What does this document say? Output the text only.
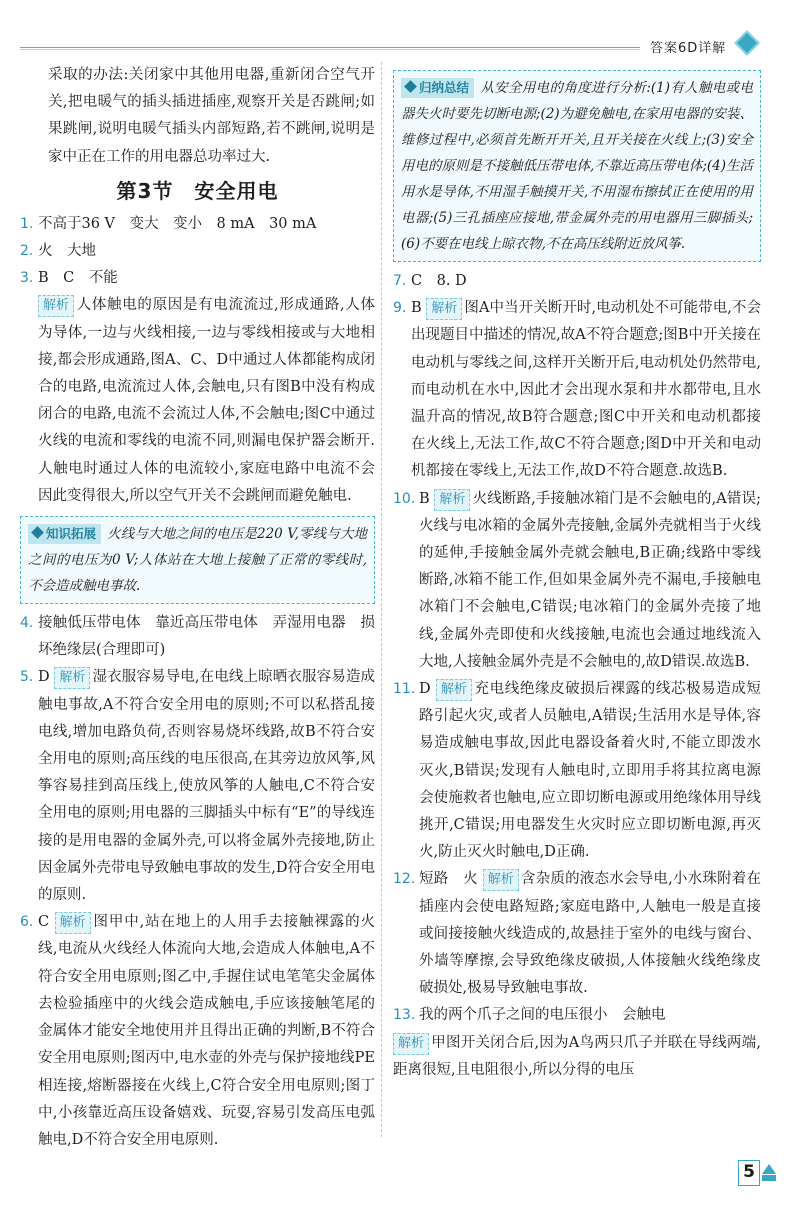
答案6D详解

采取的办法:关闭家中其他用电器,重新闭合空气开关,把电暖气的插头插进插座,观察开关是否跳闸;如果跳闸,说明电暖气插头内部短路,若不跳闸,说明是家中正在工作的用电器总功率过大.

第3节　安全用电
1. 不高于36 V　变大　变小　8 mA　30 mA
2. 火　大地
3. B　C　不能
解析 人体触电的原因是有电流流过,形成通路,人体为导体,一边与火线相接,一边与零线相接或与大地相接,都会形成通路,图A、C、D中通过人体都能构成闭合的电路,电流流过人体,会触电,只有图B中没有构成闭合的电路,电流不会流过人体,不会触电;图C中通过火线的电流和零线的电流不同,则漏电保护器会断开.人触电时通过人体的电流较小,家庭电路中电流不会因此变得很大,所以空气开关不会跳闸而避免触电.
知识拓展 火线与大地之间的电压是220 V,零线与大地之间的电压为0 V;人体站在大地上接触了正常的零线时,不会造成触电事故.
4. 接触低压带电体　靠近高压带电体　弄湿用电器　损坏绝缘层(合理即可)
5. D 解析 湿衣服容易导电,在电线上晾晒衣服容易造成触电事故,A不符合安全用电的原则;不可以私搭乱接电线,增加电路负荷,否则容易烧坏线路,故B不符合安全用电的原则;高压线的电压很高,在其旁边放风筝,风筝容易挂到高压线上,使放风筝的人触电,C不符合安全用电的原则;用电器的三脚插头中标有“E”的导线连接的是用电器的金属外壳,可以将金属外壳接地,防止因金属外壳带电导致触电事故的发生,D符合安全用电的原则.
6. C 解析 图甲中,站在地上的人用手去接触裸露的火线,电流从火线经人体流向大地,会造成人体触电,A不符合安全用电原则;图乙中,手握住试电笔笔尖金属体去检验插座中的火线会造成触电,手应该接触笔尾的金属体才能安全地使用并且得出正确的判断,B不符合安全用电原则;图丙中,电水壶的外壳与保护接地线PE相连接,熔断器接在火线上,C符合安全用电原则;图丁中,小孩靠近高压设备嬉戏、玩耍,容易引发高压电弧触电,D不符合安全用电原则.
归纳总结 从安全用电的角度进行分析:(1)有人触电或电器失火时要先切断电源;(2)为避免触电,在家用电器的安装、维修过程中,必须首先断开开关,且开关接在火线上;(3)安全用电的原则是不接触低压带电体,不靠近高压带电体;(4)生活用水是导体,不用湿手触摸开关,不用湿布擦拭正在使用的用电器;(5)三孔插座应接地,带金属外壳的用电器用三脚插头;(6)不要在电线上晾衣物,不在高压线附近放风筝.
7. C　8. D
9. B 解析 图A中当开关断开时,电动机处不可能带电,不会出现题目中描述的情况,故A不符合题意;图B中开关接在电动机与零线之间,这样开关断开后,电动机处仍然带电,而电动机在水中,因此才会出现水泵和井水都带电,且水温升高的情况,故B符合题意;图C中开关和电动机都接在火线上,无法工作,故C不符合题意;图D中开关和电动机都接在零线上,无法工作,故D不符合题意.故选B.
10. B 解析 火线断路,手接触冰箱门是不会触电的,A错误;火线与电冰箱的金属外壳接触,金属外壳就相当于火线的延伸,手接触金属外壳就会触电,B正确;线路中零线断路,冰箱不能工作,但如果金属外壳不漏电,手接触电冰箱门不会触电,C错误;电冰箱门的金属外壳接了地线,金属外壳即使和火线接触,电流也会通过地线流入大地,人接触金属外壳是不会触电的,故D错误.故选B.
11. D 解析 充电线绝缘皮破损后裸露的线芯极易造成短路引起火灾,或者人员触电,A错误;生活用水是导体,容易造成触电事故,因此电器设备着火时,不能立即泼水灭火,B错误;发现有人触电时,立即用手将其拉离电源会使施救者也触电,应立即切断电源或用绝缘体用导线挑开,C错误;用电器发生火灾时应立即切断电源,再灭火,防止灭火时触电,D正确.
12. 短路　火 解析 含杂质的液态水会导电,小水珠附着在插座内会使电路短路;家庭电路中,人触电一般是直接或间接接触火线造成的,故悬挂于室外的电线与窗台、外墙等摩擦,会导致绝缘皮破损,人体接触火线绝缘皮破损处,极易导致触电事故.
13. 我的两个爪子之间的电压很小　会触电
解析 甲图开关闭合后,因为A鸟两只爪子并联在导线两端,距离很短,且电阻很小,所以分得的电压
5
